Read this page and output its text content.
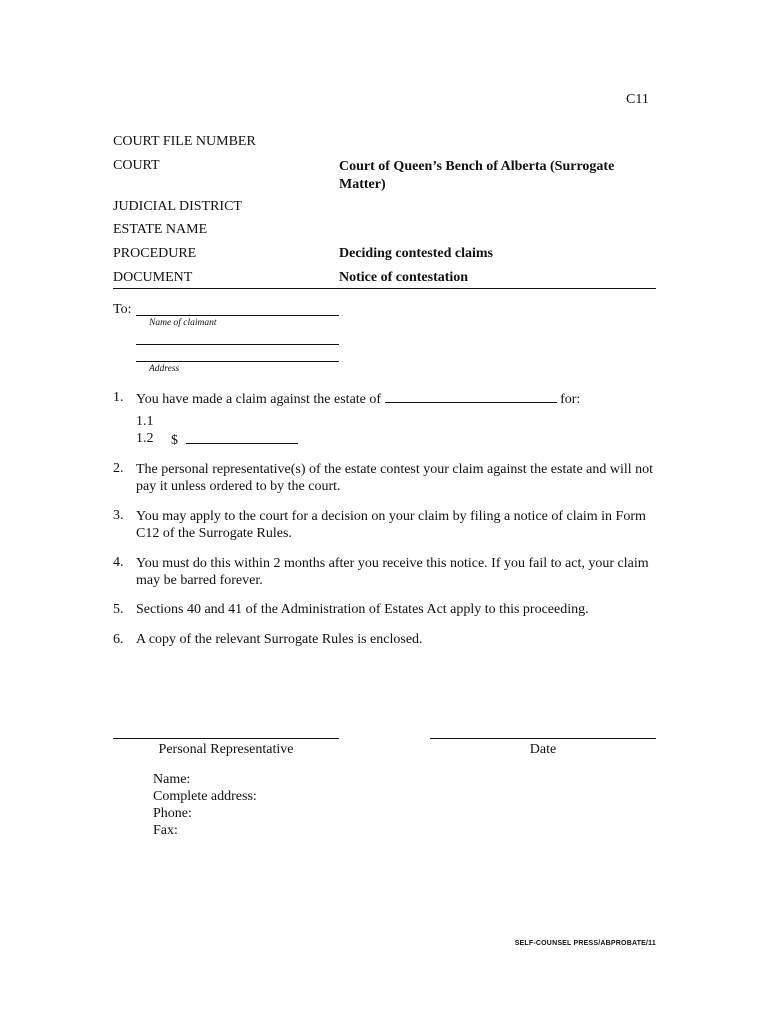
C11
COURT FILE NUMBER
COURT	Court of Queen’s Bench of Alberta (Surrogate Matter)
JUDICIAL DISTRICT
ESTATE NAME
PROCEDURE	Deciding contested claims
DOCUMENT	Notice of contestation
To:
Name of claimant
Address
1. You have made a claim against the estate of	for:
1.1
1.2 $
2. The personal representative(s) of the estate contest your claim against the estate and will not pay it unless ordered to by the court.
3. You may apply to the court for a decision on your claim by filing a notice of claim in Form C12 of the Surrogate Rules.
4. You must do this within 2 months after you receive this notice. If you fail to act, your claim may be barred forever.
5. Sections 40 and 41 of the Administration of Estates Act apply to this proceeding.
6. A copy of the relevant Surrogate Rules is enclosed.
Personal Representative	Date
Name:
Complete address:
Phone:
Fax:
SELF-COUNSEL PRESS/ABPROBATE/11
